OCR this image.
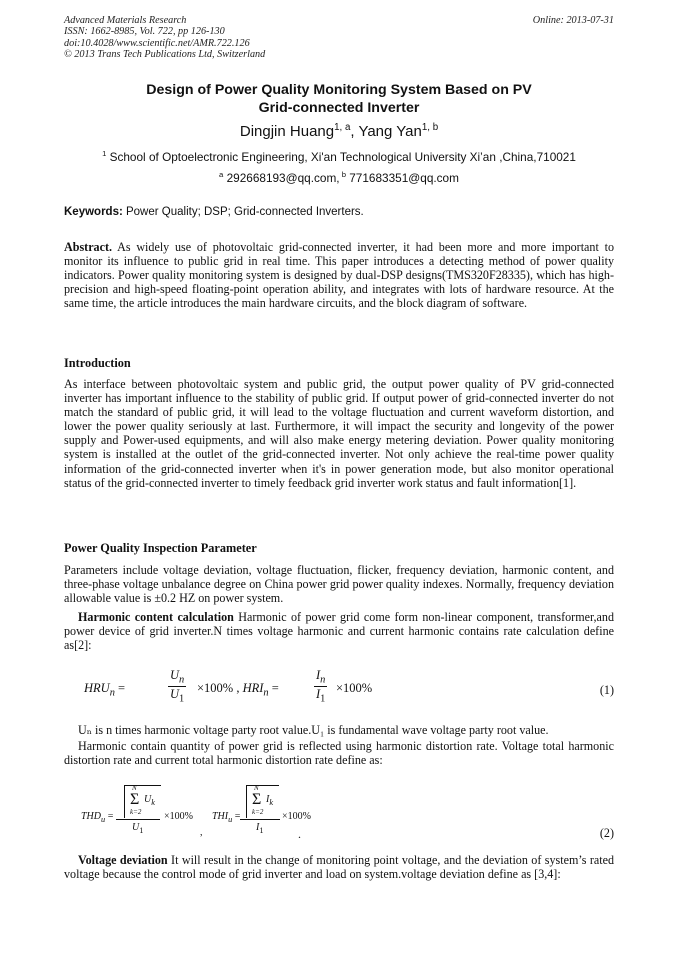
Advanced Materials Research
ISSN: 1662-8985, Vol. 722, pp 126-130
doi:10.4028/www.scientific.net/AMR.722.126
© 2013 Trans Tech Publications Ltd, Switzerland
Online: 2013-07-31
Design of Power Quality Monitoring System Based on PV
Grid-connected Inverter
Dingjin Huang$^{1, a}$, Yang Yan$^{1, b}$
$^1$ School of Optoelectronic Engineering, Xi'an Technological University Xi’an ,China,710021
$^a$ 292668193@qq.com, $^b$ 771683351@qq.com
Keywords: Power Quality; DSP; Grid-connected Inverters.
Abstract. As widely use of photovoltaic grid-connected inverter, it had been more and more important to monitor its influence to public grid in real time. This paper introduces a detecting method of power quality indicators. Power quality monitoring system is designed by dual-DSP designs(TMS320F28335), which has high-precision and high-speed floating-point operation ability, and integrates with lots of hardware resource. At the same time, the article introduces the main hardware circuits, and the block diagram of software.
Introduction
As interface between photovoltaic system and public grid, the output power quality of PV grid-connected inverter has important influence to the stability of public grid. If output power of grid-connected inverter do not match the standard of public grid, it will lead to the voltage fluctuation and current waveform distortion, and lower the power quality seriously at last. Furthermore, it will impact the security and longevity of the power supply and Power-used equipments, and will also make energy metering deviation. Power quality monitoring system is installed at the outlet of the grid-connected inverter. Not only achieve the real-time power quality information of the grid-connected inverter when it's in power generation mode, but also monitor operational status of the grid-connected inverter to timely feedback grid inverter work status and fault information[1].
Power Quality Inspection Parameter
Parameters include voltage deviation, voltage fluctuation, flicker, frequency deviation, harmonic content, and three-phase voltage unbalance degree on China power grid power quality indexes. Normally, frequency deviation allowable value is ±0.2 HZ on power system.
Harmonic content calculation Harmonic of power grid come form non-linear component, transformer,and power device of grid inverter.N times voltage harmonic and current harmonic contains rate calculation define as[2]:
$HRU_n$ =	$\frac{U_n}{U_1} \times 100\%$ , $HRI_n$ =	$\frac{I_n}{I_1} \times 100\%$	(1)
Uₙ is n times harmonic voltage party root value.U₁ is fundamental wave voltage party root value.
Harmonic contain quantity of power grid is reflected using harmonic distortion rate. Voltage total harmonic distortion rate and current total harmonic distortion rate define as:
$THD_u$ =
N
Σ $U_k$
k=2
$U_1$
×100%
,
$THI_u$ =
N
Σ $I_k$
k=2
$I_1$
×100%
.	(2)
Voltage deviation It will result in the change of monitoring point voltage, and the deviation of system’s rated voltage because the control mode of grid inverter and load on system.voltage deviation define as [3,4]:
